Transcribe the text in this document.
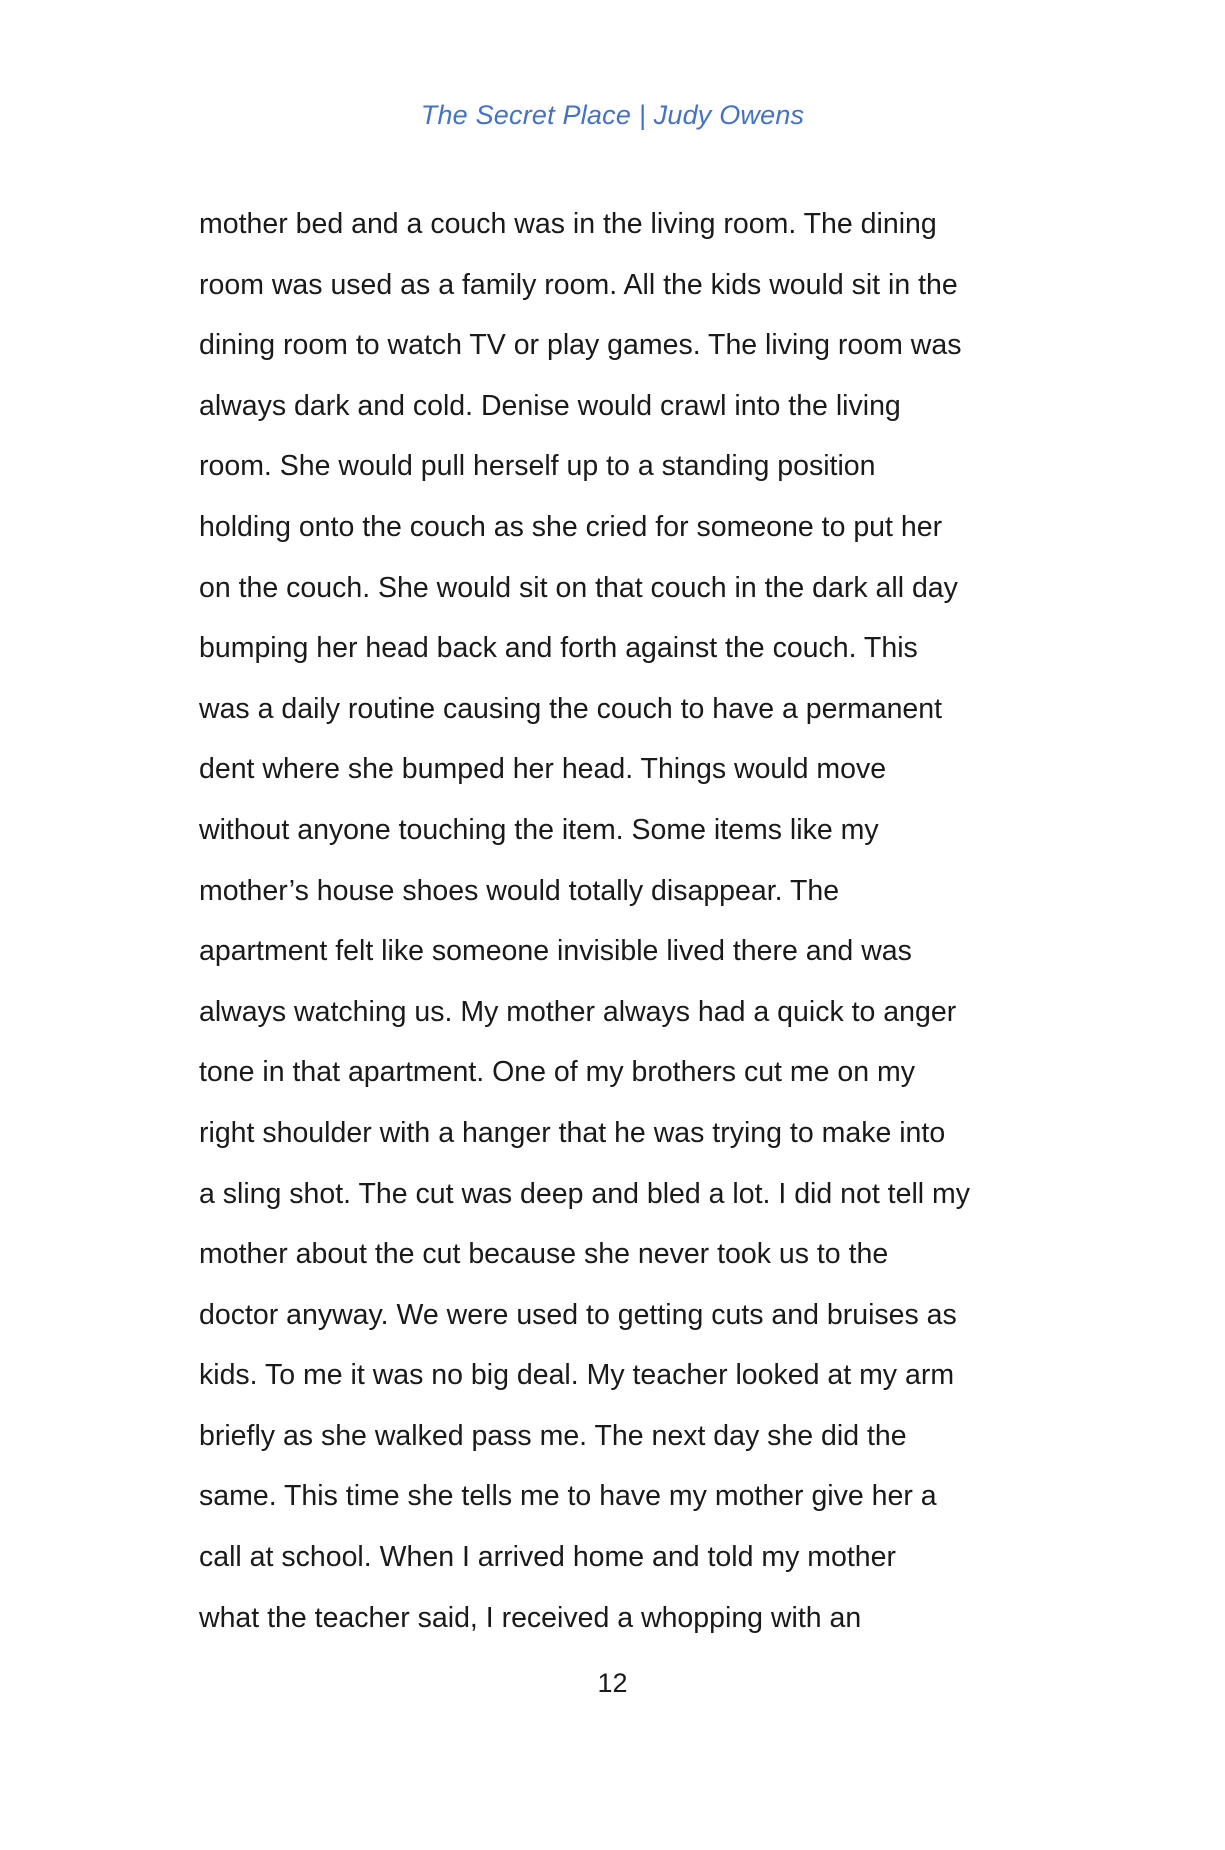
The Secret Place | Judy Owens
mother bed and a couch was in the living room. The dining
room was used as a family room. All the kids would sit in the
dining room to watch TV or play games. The living room was
always dark and cold. Denise would crawl into the living
room. She would pull herself up to a standing position
holding onto the couch as she cried for someone to put her
on the couch. She would sit on that couch in the dark all day
bumping her head back and forth against the couch. This
was a daily routine causing the couch to have a permanent
dent where she bumped her head. Things would move
without anyone touching the item. Some items like my
mother’s house shoes would totally disappear. The
apartment felt like someone invisible lived there and was
always watching us. My mother always had a quick to anger
tone in that apartment. One of my brothers cut me on my
right shoulder with a hanger that he was trying to make into
a sling shot. The cut was deep and bled a lot. I did not tell my
mother about the cut because she never took us to the
doctor anyway. We were used to getting cuts and bruises as
kids. To me it was no big deal. My teacher looked at my arm
briefly as she walked pass me. The next day she did the
same. This time she tells me to have my mother give her a
call at school. When I arrived home and told my mother
what the teacher said, I received a whopping with an
12
